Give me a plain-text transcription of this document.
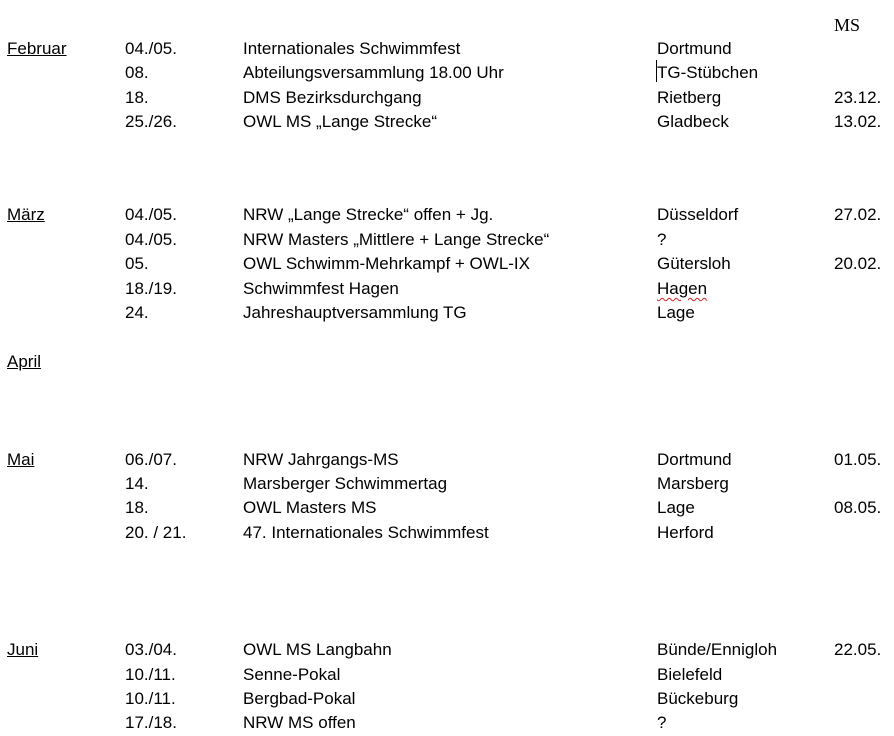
MS
Februar	04./05.	Internationales Schwimmfest	Dortmund
08.	Abteilungsversammlung 18.00 Uhr	TG-Stübchen
18.	DMS Bezirksdurchgang	Rietberg	23.12.
25./26.	OWL MS „Lange Strecke“	Gladbeck	13.02.
März	04./05.	NRW „Lange Strecke“ offen + Jg.	Düsseldorf	27.02.
04./05.	NRW Masters „Mittlere + Lange Strecke“	?
05.	OWL Schwimm-Mehrkampf + OWL-IX	Gütersloh	20.02.
18./19.	Schwimmfest Hagen	Hagen
24.	Jahreshauptversammlung TG	Lage
April
Mai	06./07.	NRW Jahrgangs-MS	Dortmund	01.05.
14.	Marsberger Schwimmertag	Marsberg
18.	OWL Masters MS	Lage	08.05.
20. / 21.	47. Internationales Schwimmfest	Herford
Juni	03./04.	OWL MS Langbahn	Bünde/Ennigloh	22.05.
10./11.	Senne-Pokal	Bielefeld
10./11.	Bergbad-Pokal	Bückeburg
17./18.	NRW MS offen	?
